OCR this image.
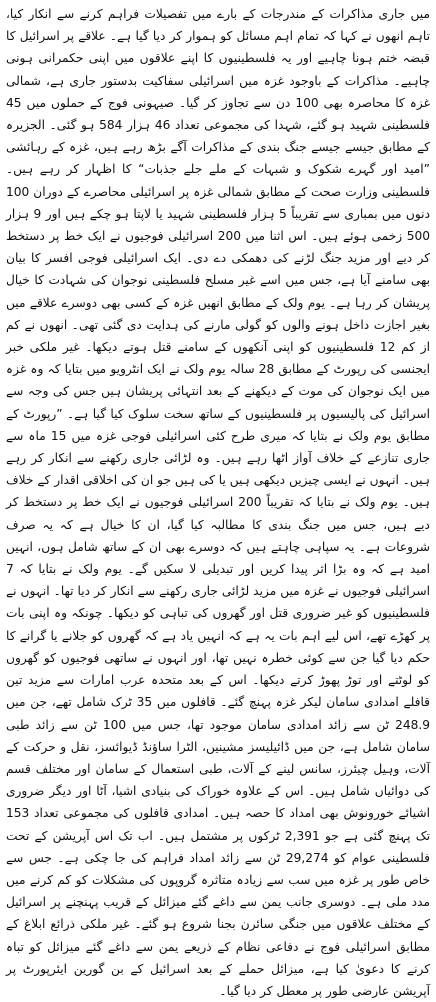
میں جاری مذاکرات کے مندرجات کے بارے میں تفصیلات فراہم کرنے سے انکار کیا، تاہم انھوں نے کہا کہ تمام اہم مسائل کو ہموار کر دیا گیا ہے۔ علاقے پر اسرائیل کا قبضہ ختم ہونا چاہیے اور یہ فلسطینیوں کا اپنے علاقوں میں اپنی حکمرانی ہونی چاہیے۔ مذاکرات کے باوجود غزہ میں اسرائیلی سفاکیت بدستور جاری ہے، شمالی غزہ کا محاصرہ بھی 100 دن سے تجاوز کر گیا۔ صیہونی فوج کے حملوں میں 45 فلسطینی شہید ہو گئے، شہدا کی مجموعی تعداد 46 ہزار 584 ہو گئی۔ الجزیرہ کے مطابق جیسے جیسے جنگ بندی کے مذاکرات آگے بڑھ رہے ہیں، غزہ کے رہائشی ”امید اور گہرے شکوک و شبہات کے ملے جلے جذبات“ کا اظہار کر رہے ہیں۔ فلسطینی وزارت صحت کے مطابق شمالی غزہ پر اسرائیلی محاصرے کے دوران 100 دنوں میں بمباری سے تقریباً 5 ہزار فلسطینی شہید یا لاپتا ہو چکے ہیں اور 9 ہزار 500 زخمی ہوئے ہیں۔ اس اثنا میں 200 اسرائیلی فوجیوں نے ایک خط پر دستخط کر دیے اور مزید جنگ لڑنے کی دھمکی دے دی۔ ایک اسرائیلی فوجی افسر کا بیان بھی سامنے آیا ہے، جس میں اسے غیر مسلح فلسطینی نوجوان کی شہادت کا خیال پریشان کر رہا ہے۔ یوم ولک کے مطابق انھیں غزہ کے کسی بھی دوسرے علاقے میں بغیر اجازت داخل ہونے والوں کو گولی مارنے کی ہدایت دی گئی تھی۔ انھوں نے کم از کم 12 فلسطینیوں کو اپنی آنکھوں کے سامنے قتل ہوتے دیکھا۔ غیر ملکی خبر ایجنسی کی رپورٹ کے مطابق 28 سالہ یوم ولک نے ایک انٹرویو میں بتایا کہ وہ غزہ میں ایک نوجوان کی موت کے دیکھنے کے بعد انتہائی پریشان ہیں جس کی وجہ سے اسرائیل کی پالیسیوں پر فلسطینیوں کے ساتھ سخت سلوک کیا گیا ہے۔ ”رپورٹ کے مطابق یوم ولک نے بتایا کہ میری طرح کئی اسرائیلی فوجی غزہ میں 15 ماہ سے جاری تنازعے کے خلاف آواز اٹھا رہے ہیں۔ وہ لڑائی جاری رکھنے سے انکار کر رہے ہیں۔ انہوں نے ایسی چیزیں دیکھی ہیں یا کی ہیں جو ان کی اخلاقی اقدار کے خلاف ہیں۔ یوم ولک نے بتایا کہ تقریباً 200 اسرائیلی فوجیوں نے ایک خط پر دستخط کر دیے ہیں، جس میں جنگ بندی کا مطالبہ کیا گیا، ان کا خیال ہے کہ یہ صرف شروعات ہے۔ یہ سپاہی چاہتے ہیں کہ دوسرے بھی ان کے ساتھ شامل ہوں، انہیں امید ہے کہ وہ بڑا اثر پیدا کریں اور تبدیلی لا سکیں گے۔ یوم ولک نے بتایا کہ 7 اسرائیلی فوجیوں نے غزہ میں مزید لڑائی جاری رکھنے سے انکار کر دیا تھا۔ انہوں نے فلسطینیوں کو غیر ضروری قتل اور گھروں کی تباہی کو دیکھا۔ چونکہ وہ اپنی بات پر کھڑے تھے، اس لیے اہم بات یہ ہے کہ انہیں یاد ہے کہ گھروں کو جلانے یا گرانے کا حکم دیا گیا جن سے کوئی خطرہ نہیں تھا، اور انہوں نے ساتھی فوجیوں کو گھروں کو لوٹتے اور توڑ پھوڑ کرتے دیکھا۔ اس کے بعد متحدہ عرب امارات سے مزید تین قافلے امدادی سامان لیکر غزہ پہنچ گئے۔ قافلوں میں 35 ٹرک شامل تھے، جن میں 248.9 ٹن سے زائد امدادی سامان موجود تھا، جس میں 100 ٹن سے زائد طبی سامان شامل ہے، جن میں ڈائیلیسز مشینیں، الٹرا ساؤنڈ ڈیوائسز، نقل و حرکت کے آلات، وہیل چیئرز، سانس لینے کے آلات، طبی استعمال کے سامان اور مختلف قسم کی دوائیاں شامل ہیں۔ اس کے علاوہ خوراک کی بنیادی اشیا، آٹا اور دیگر ضروری اشیائے خورونوش بھی امداد کا حصہ ہیں۔ امدادی قافلوں کی مجموعی تعداد 153 تک پہنچ گئی ہے جو 2,391 ٹرکوں پر مشتمل ہیں۔ اب تک اس آپریشن کے تحت فلسطینی عوام کو 29,274 ٹن سے زائد امداد فراہم کی جا چکی ہے۔ جس سے خاص طور پر غزہ میں سب سے زیادہ متاثرہ گروپوں کی مشکلات کو کم کرنے میں مدد ملی ہے۔ دوسری جانب یمن سے داغے گئے میزائل کے قریب پہنچنے پر اسرائیل کے مختلف علاقوں میں جنگی سائرن بجنا شروع ہو گئے۔ غیر ملکی ذرائع ابلاغ کے مطابق اسرائیلی فوج نے دفاعی نظام کے ذریعے یمن سے داغے گئے میزائل کو تباہ کرنے کا دعویٰ کیا ہے، میزائل حملے کے بعد اسرائیل کے بن گورین ایئرپورٹ پر آپریشن عارضی طور پر معطل کر دیا گیا۔
